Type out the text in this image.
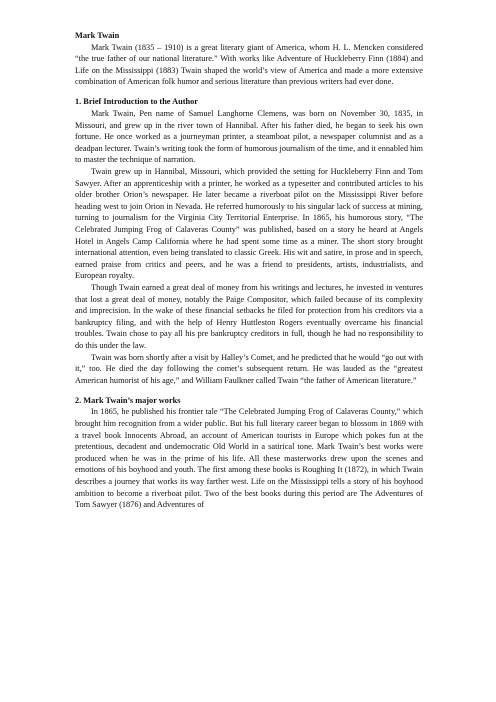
Mark Twain

Mark Twain (1835 – 1910) is a great literary giant of America, whom H. L. Mencken considered “the true father of our national literature.” With works like Adventure of Huckleberry Finn (1884) and Life on the Mississippi (1883) Twain shaped the world’s view of America and made a more extensive combination of American folk humor and serious literature than previous writers had ever done.

1. Brief Introduction to the Author

Mark Twain, Pen name of Samuel Langhorne Clemens, was born on November 30, 1835, in Missouri, and grew up in the river town of Hannibal. After his father died, he began to seek his own fortune. He once worked as a journeyman printer, a steamboat pilot, a newspaper columnist and as a deadpan lecturer. Twain’s writing took the form of humorous journalism of the time, and it ennabled him to master the technique of narration.

Twain grew up in Hannibal, Missouri, which provided the setting for Huckleberry Finn and Tom Sawyer. After an apprenticeship with a printer, he worked as a typesetter and contributed articles to his older brother Orion’s newspaper. He later became a riverboat pilot on the Mississippi River before heading west to join Orion in Nevada. He referred humorously to his singular lack of success at mining, turning to journalism for the Virginia City Territorial Enterprise. In 1865, his humorous story, “The Celebrated Jumping Frog of Calaveras County” was published, based on a story he heard at Angels Hotel in Angels Camp California where he had spent some time as a miner. The short story brought international attention, even being translated to classic Greek. His wit and satire, in prose and in speech, earned praise from critics and peers, and he was a friend to presidents, artists, industrialists, and European royalty.

Though Twain earned a great deal of money from his writings and lectures, he invested in ventures that lost a great deal of money, notably the Paige Compositor, which failed because of its complexity and imprecision. In the wake of these financial setbacks he filed for protection from his creditors via a bankruptcy filing, and with the help of Henry Huttleston Rogers eventually overcame his financial troubles. Twain chose to pay all his pre bankruptcy creditors in full, though he had no responsibility to do this under the law.

Twain was born shortly after a visit by Halley’s Comet, and he predicted that he would “go out with it,” too. He died the day following the comet’s subsequent return. He was lauded as the “greatest American humorist of his age,” and William Faulkner called Twain “the father of American literature.”

2. Mark Twain’s major works

In 1865, he published his frontier tale “The Celebrated Jumping Frog of Calaveras County,” which brought him recognition from a wider public. But his full literary career began to blossom in 1869 with a travel book Innocents Abroad, an account of American tourists in Europe which pokes fun at the pretentious, decadent and undemocratic Old World in a satirical tone. Mark Twain’s best works were produced when he was in the prime of his life. All these masterworks drew upon the scenes and emotions of his boyhood and youth. The first among these books is Roughing It (1872), in which Twain describes a journey that works its way farther west. Life on the Mississippi tells a story of his boyhood ambition to become a riverboat pilot. Two of the best books during this period are The Adventures of Tom Sawyer (1876) and Adventures of
